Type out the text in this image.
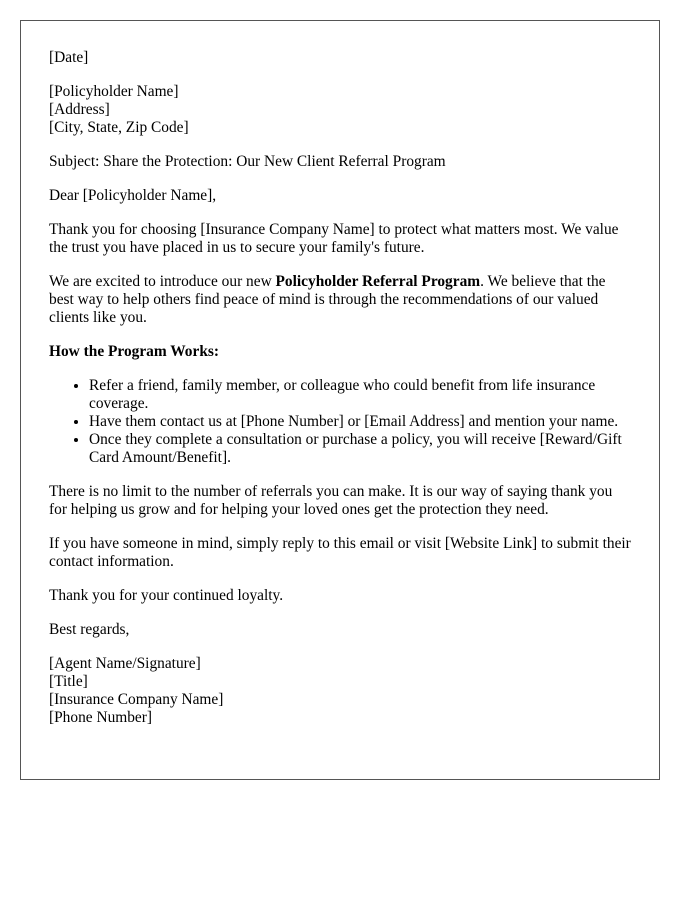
[Date]

[Policyholder Name]
[Address]
[City, State, Zip Code]

Subject: Share the Protection: Our New Client Referral Program

Dear [Policyholder Name],

Thank you for choosing [Insurance Company Name] to protect what matters most. We value the trust you have placed in us to secure your family's future.

We are excited to introduce our new Policyholder Referral Program. We believe that the best way to help others find peace of mind is through the recommendations of our valued clients like you.

How the Program Works:

• Refer a friend, family member, or colleague who could benefit from life insurance coverage.
• Have them contact us at [Phone Number] or [Email Address] and mention your name.
• Once they complete a consultation or purchase a policy, you will receive [Reward/Gift Card Amount/Benefit].

There is no limit to the number of referrals you can make. It is our way of saying thank you for helping us grow and for helping your loved ones get the protection they need.

If you have someone in mind, simply reply to this email or visit [Website Link] to submit their contact information.

Thank you for your continued loyalty.

Best regards,

[Agent Name/Signature]
[Title]
[Insurance Company Name]
[Phone Number]
